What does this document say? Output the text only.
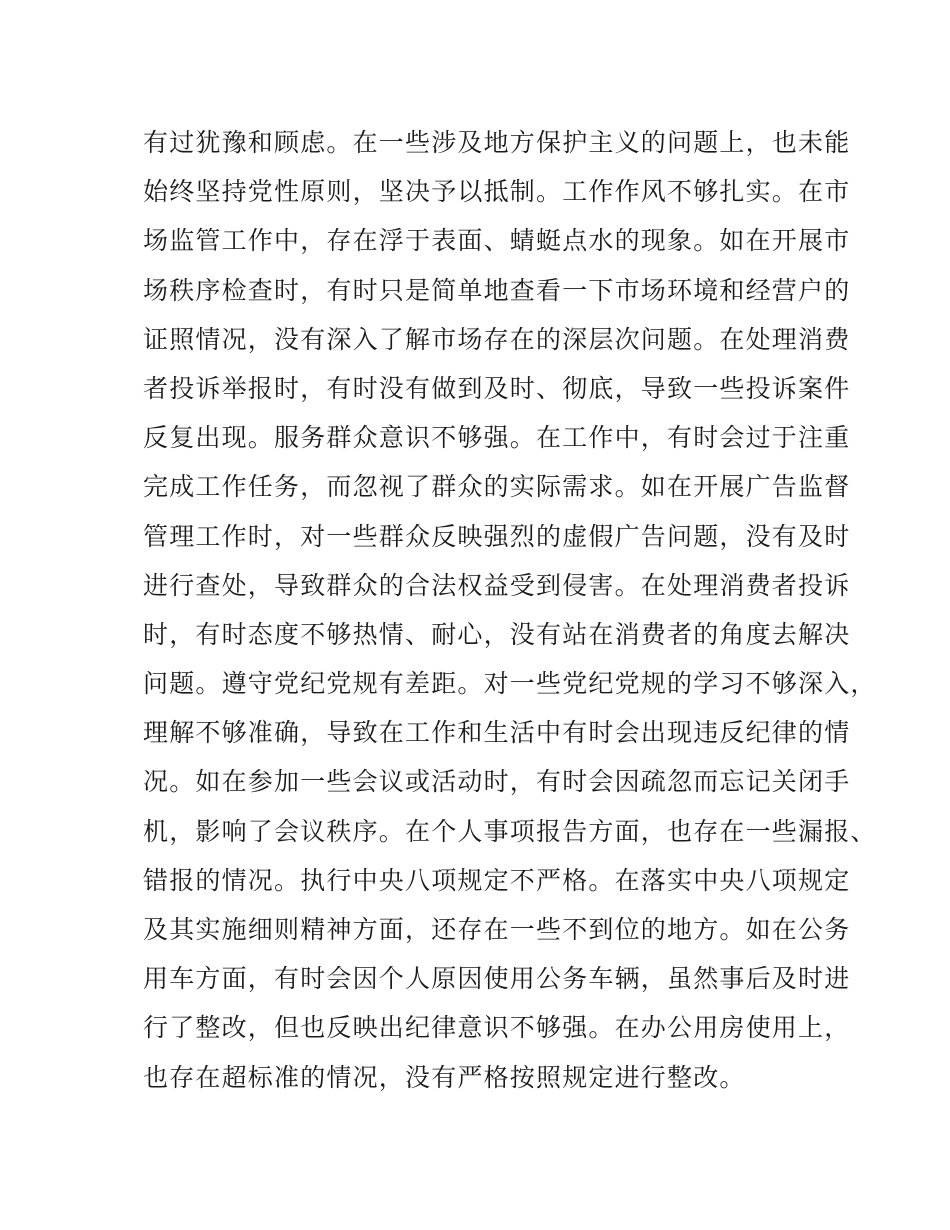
有过犹豫和顾虑。在一些涉及地方保护主义的问题上，也未能
始终坚持党性原则，坚决予以抵制。工作作风不够扎实。在市
场监管工作中，存在浮于表面、蜻蜓点水的现象。如在开展市
场秩序检查时，有时只是简单地查看一下市场环境和经营户的
证照情况，没有深入了解市场存在的深层次问题。在处理消费
者投诉举报时，有时没有做到及时、彻底，导致一些投诉案件
反复出现。服务群众意识不够强。在工作中，有时会过于注重
完成工作任务，而忽视了群众的实际需求。如在开展广告监督
管理工作时，对一些群众反映强烈的虚假广告问题，没有及时
进行查处，导致群众的合法权益受到侵害。在处理消费者投诉
时，有时态度不够热情、耐心，没有站在消费者的角度去解决
问题。遵守党纪党规有差距。对一些党纪党规的学习不够深入，
理解不够准确，导致在工作和生活中有时会出现违反纪律的情
况。如在参加一些会议或活动时，有时会因疏忽而忘记关闭手
机，影响了会议秩序。在个人事项报告方面，也存在一些漏报、
错报的情况。执行中央八项规定不严格。在落实中央八项规定
及其实施细则精神方面，还存在一些不到位的地方。如在公务
用车方面，有时会因个人原因使用公务车辆，虽然事后及时进
行了整改，但也反映出纪律意识不够强。在办公用房使用上，
也存在超标准的情况，没有严格按照规定进行整改。
